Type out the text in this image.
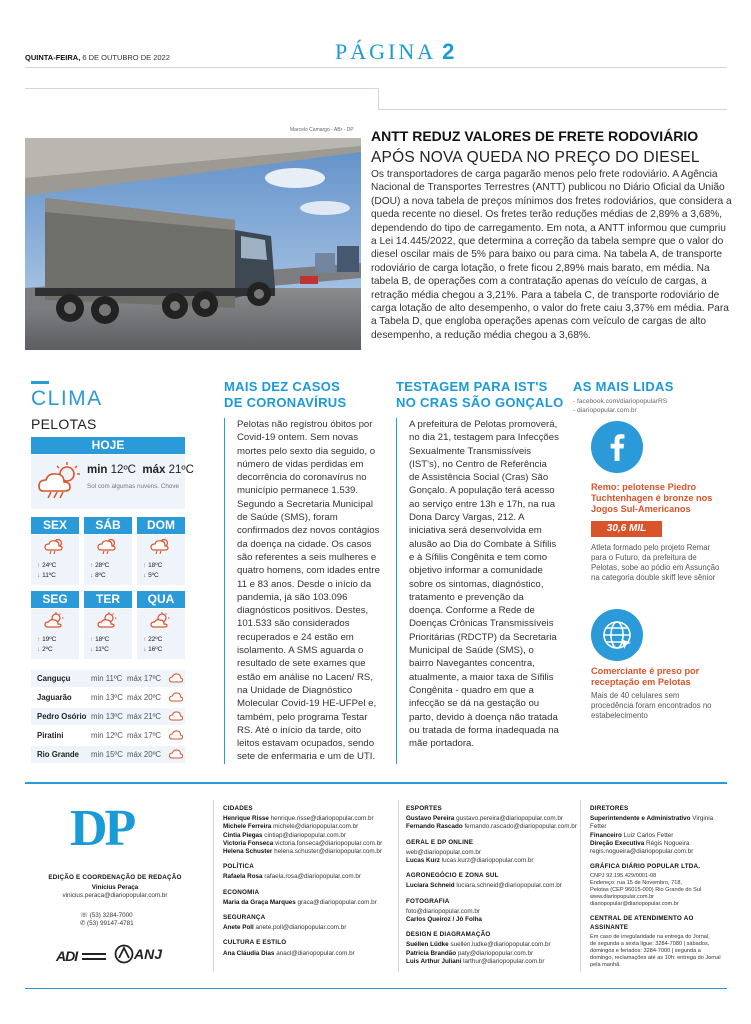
QUINTA-FEIRA, 6 DE OUTUBRO DE 2022	PÁGINA 2
Marcelo Camargo - ABr - DP ANTT REDUZ VALORES DE FRETE RODOVIÁRIO
APÓS NOVA QUEDA NO PREÇO DO DIESEL
Os transportadores de carga pagarão menos pelo frete rodoviário. A Agência Nacional de Transportes Terrestres (ANTT) publicou no Diário Oficial da União (DOU) a nova tabela de preços mínimos dos fretes rodoviários, que considera a queda recente no diesel. Os fretes terão reduções médias de 2,89% a 3,68%, dependendo do tipo de carregamento. Em nota, a ANTT informou que cumpriu a Lei 14.445/2022, que determina a correção da tabela sempre que o valor do diesel oscilar mais de 5% para baixo ou para cima. Na tabela A, de transporte rodoviário de carga lotação, o frete ficou 2,89% mais barato, em média. Na tabela B, de operações com a contratação apenas do veículo de cargas, a retração média chegou a 3,21%. Para a tabela C, de transporte rodoviário de carga lotação de alto desempenho, o valor do frete caiu 3,37% em média. Para a Tabela D, que engloba operações apenas com veículo de cargas de alto desempenho, a redução média chegou a 3,68%.
CLIMA
PELOTAS
HOJE
min 12ºC máx 21ºC
Sol com algumas nuvens. Chove
SEX
↑ 24ºC
↓ 11ºC
SÁB
↑ 28ºC
↓ 8ºC
DOM
↑ 18ºC
↓ 5ºC
SEG
↑ 19ºC
↓ 2ºC
TER
↑ 18ºC
↓ 11ºC
QUA
↑ 22ºC
↓ 16ºC
Canguçu	min 11ºC máx 17ºC
Jaguarão min 13ºC máx 20ºC
Pedro Osório min 13ºC máx 21ºC
Piratini	min 12ºC máx 17ºC
Rio Grande min 15ºC máx 20ºC
MAIS DEZ CASOS
DE CORONAVÍRUS
Pelotas não registrou óbitos por Covid-19 ontem. Sem novas mortes pelo sexto dia seguido, o número de vidas perdidas em decorrência do coronavírus no município permanece 1.539. Segundo a Secretaria Municipal de Saúde (SMS), foram confirmados dez novos contágios da doença na cidade. Os casos são referentes a seis mulheres e quatro homens, com idades entre 11 e 83 anos. Desde o início da pandemia, já são 103.096 diagnósticos positivos. Destes, 101.533 são considerados recuperados e 24 estão em isolamento. A SMS aguarda o resultado de sete exames que estão em análise no Lacen/ RS, na Unidade de Diagnóstico Molecular Covid-19 HE-UFPel e, também, pelo programa Testar RS. Até o início da tarde, oito leitos estavam ocupados, sendo sete de enfermaria e um de UTI.
TESTAGEM PARA IST'S
NO CRAS SÃO GONÇALO
A prefeitura de Pelotas promoverá, no dia 21, testagem para Infecções Sexualmente Transmissíveis (IST's), no Centro de Referência de Assistência Social (Cras) São Gonçalo. A população terá acesso ao serviço entre 13h e 17h, na rua Dona Darcy Vargas, 212. A iniciativa será desenvolvida em alusão ao Dia do Combate à Sífilis e à Sífilis Congênita e tem como objetivo informar a comunidade sobre os sintomas, diagnóstico, tratamento e prevenção da doença. Conforme a Rede de Doenças Crônicas Transmissíveis Prioritárias (RDCTP) da Secretaria Municipal de Saúde (SMS), o bairro Navegantes concentra, atualmente, a maior taxa de Sífilis Congênita - quadro em que a infecção se dá na gestação ou parto, devido à doença não tratada ou tratada de forma inadequada na mãe portadora.
AS MAIS LIDAS
- facebook.com/diariopopularRS
- diariopopular.com.br
Remo: pelotense Piedro Tuchtenhagen é bronze nos Jogos Sul-Americanos
30,6 MIL
Atleta formado pelo projeto Remar para o Futuro, da prefeitura de Pelotas, sobe ao pódio em Assunção na categoria double skiff leve sênior
Comerciante é preso por receptação em Pelotas
Mais de 40 celulares sem procedência foram encontrados no estabelecimento
DP
EDIÇÃO E COORDENAÇÃO DE REDAÇÃO
Vinicius Peraça
vinicius.peraca@diariopopular.com.br
☏ (53) 3284-7000
✆ (53) 99147-4781
ADI	ANJ
CIDADES
Henrique Risse henrique.risse@diariopopular.com.br
Michele Ferreira michele@diariopopular.com.br
Cintia Piegas cintiap@diariopopular.com.br
Victoria Fonseca victoria.fonseca@diariopopular.com.br
Helena Schuster helena.schuster@diariopopular.com.br
POLÍTICA
Rafaela Rosa rafaela.rosa@diariopopular.com.br
ECONOMIA
Maria da Graça Marques graca@diariopopular.com.br
SEGURANÇA
Anete Poll anete.poll@diariopopular.com.br
CULTURA E ESTILO
Ana Cláudia Dias anacl@diariopopular.com.br
ESPORTES
Gustavo Pereira gustavo.pereira@diariopopular.com.br
Fernando Rascado fernando.rascado@diariopopular.com.br
GERAL E DP ONLINE
web@diariopopular.com.br
Lucas Kurz lucas.kurz@diariopopular.com.br
AGRONEGÓCIO E ZONA SUL
Luciara Schneid luciara.schneid@diariopopular.com.br
FOTOGRAFIA
foto@diariopopular.com.br
Carlos Queiroz / Jô Folha
DESIGN E DIAGRAMAÇÃO
Suéllen Lüdke suellen.ludke@diariopopular.com.br
Patricia Brandão paty@diariopopular.com.br
Luis Arthur Juliani larthur@diariopopular.com.br
DIRETORES
Superintendente e Administrativo Virginia Fetter
Financeiro Luiz Carlos Fetter
Direção Executiva Régis Nogueira
regis.nogueira@diariopopular.com.br
GRÁFICA DIÁRIO POPULAR LTDA.
CNPJ 92.195.429/0001-08
Endereço: rua 15 de Novembro, 718,
Pelotas (CEP 96015-000) Rio Grande do Sul
www.diariopopular.com.br
diariopopular@diariopopular.com.br
CENTRAL DE ATENDIMENTO AO ASSINANTE
Em caso de irregularidade na entrega do Jornal,
de segunda a sexta ligue: 3284-7080 | sábados,
domingos e feriados: 3284-7000 | segunda a
domingo, reclamações até as 10h: entrega do Jornal
pela manhã.
